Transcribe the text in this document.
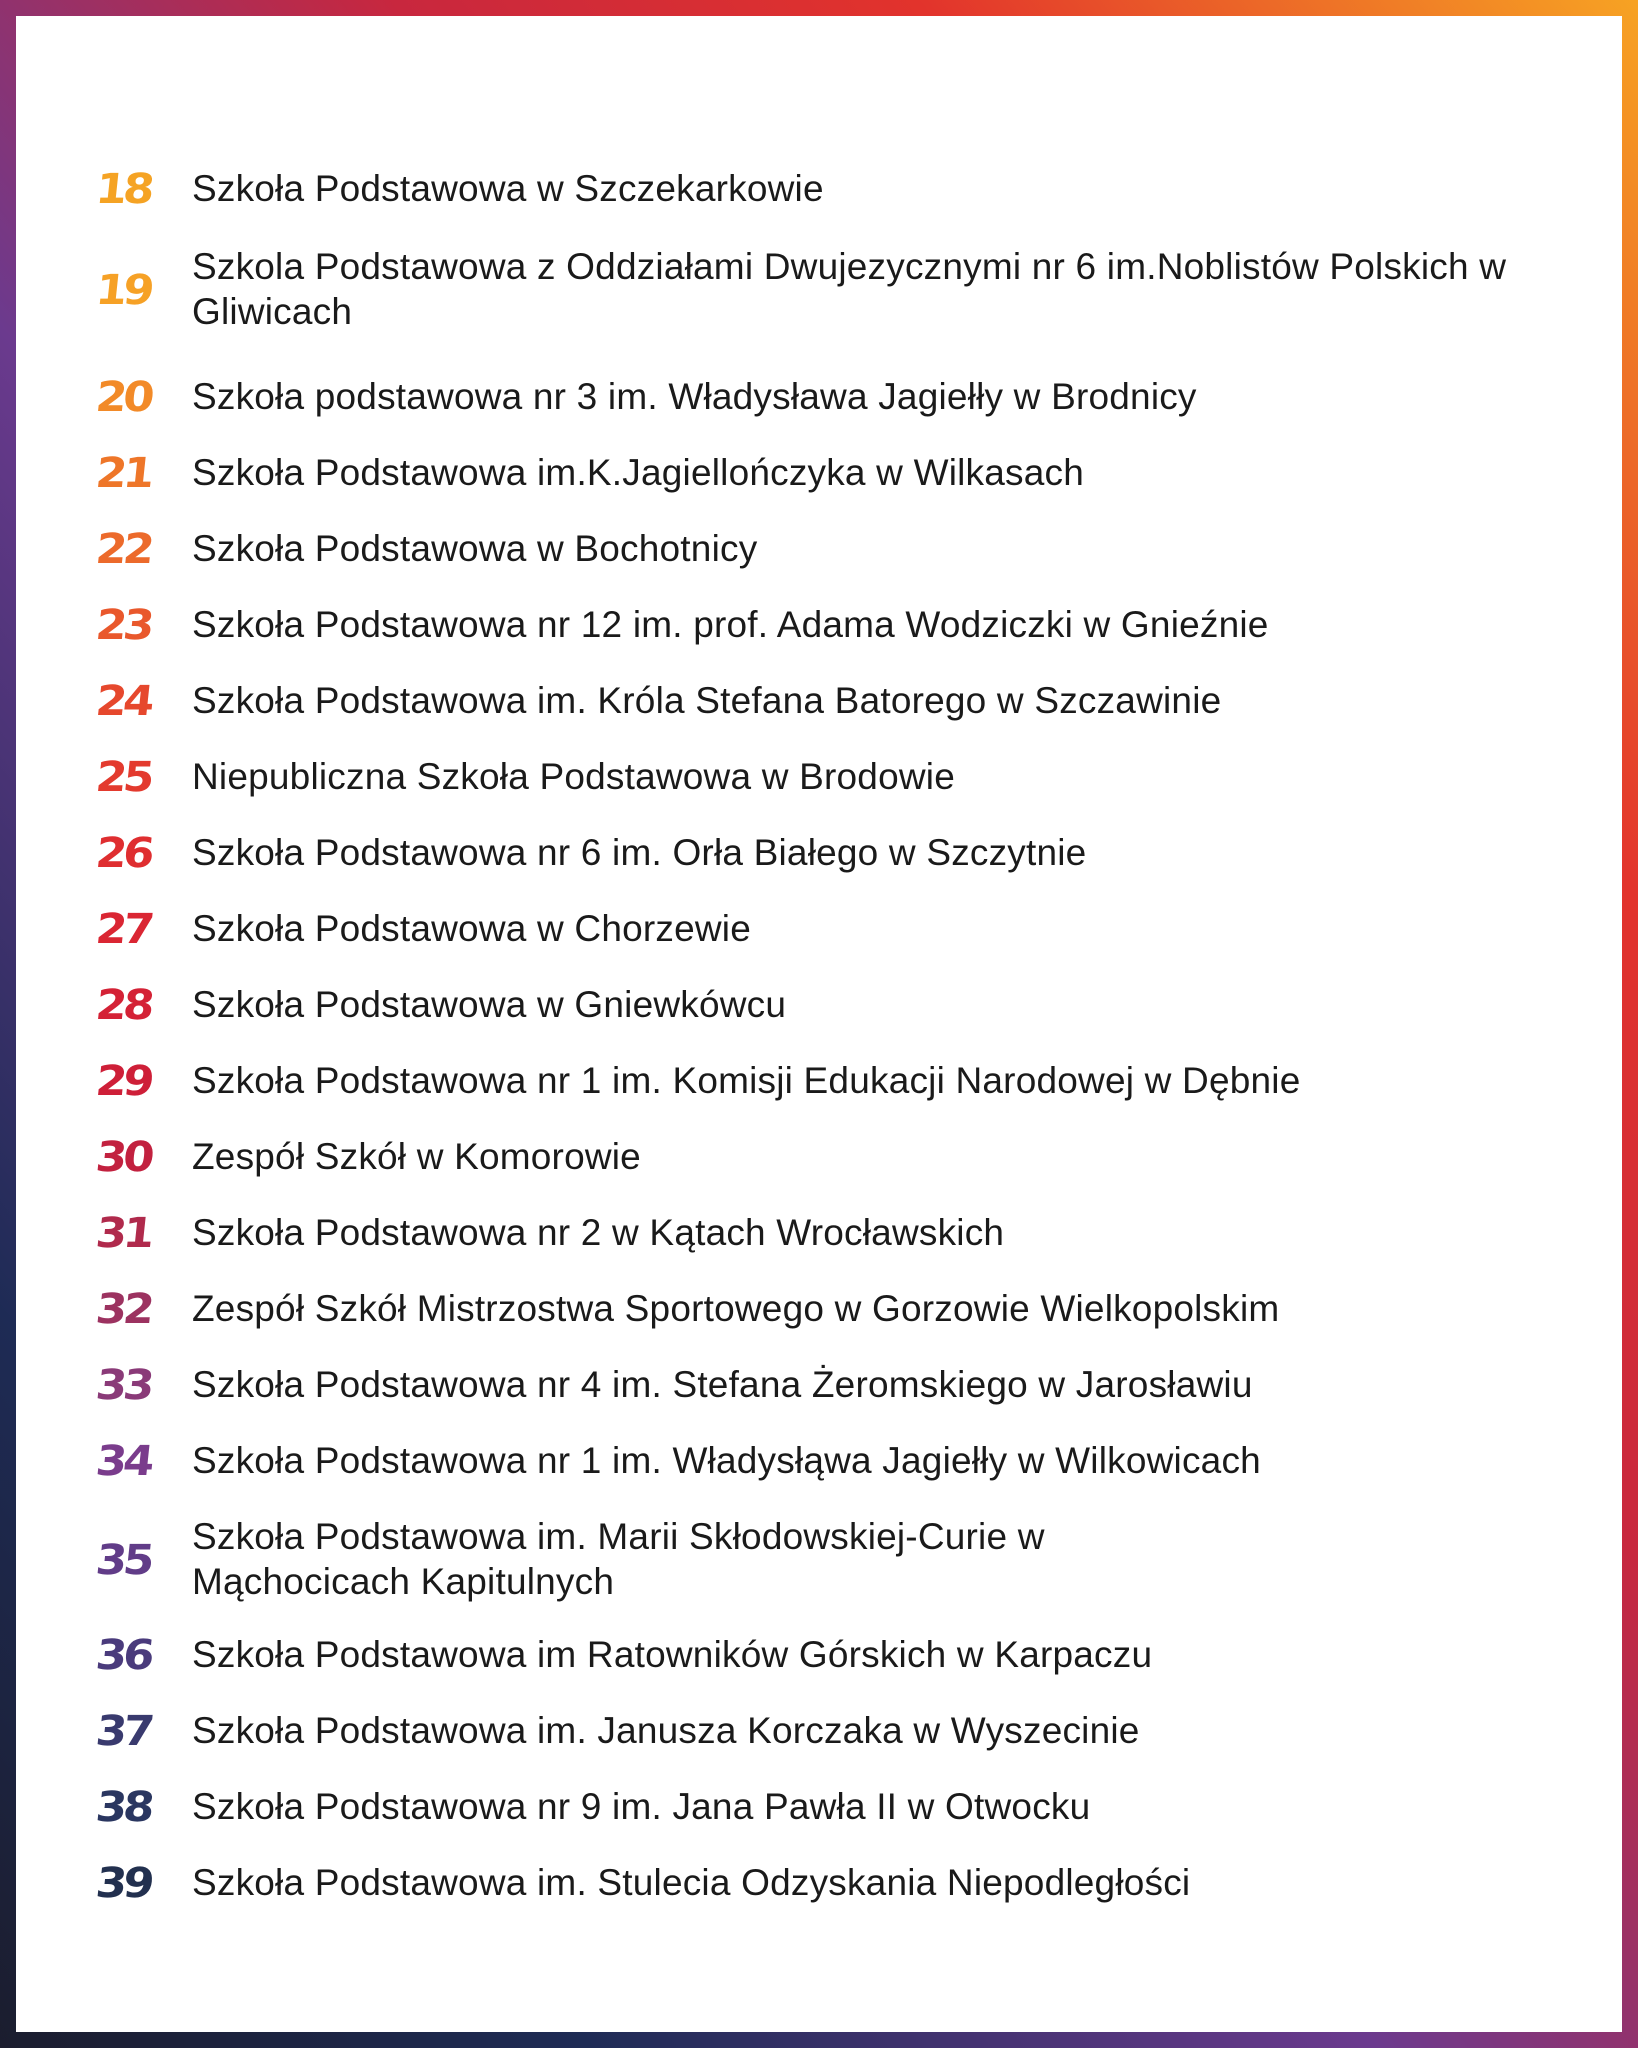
18	Szkoła Podstawowa w Szczekarkowie
19	Szkola Podstawowa z Oddziałami Dwujezycznymi nr 6 im.Noblistów Polskich w Gliwicach
20	Szkoła podstawowa nr 3 im. Władysława Jagiełły w Brodnicy
21	Szkoła Podstawowa im.K.Jagiellończyka w Wilkasach
22	Szkoła Podstawowa w Bochotnicy
23	Szkoła Podstawowa nr 12 im. prof. Adama Wodziczki w Gnieźnie
24	Szkoła Podstawowa im. Króla Stefana Batorego w Szczawinie
25	Niepubliczna Szkoła Podstawowa w Brodowie
26	Szkoła Podstawowa nr 6 im. Orła Białego w Szczytnie
27	Szkoła Podstawowa w Chorzewie
28	Szkoła Podstawowa w Gniewkówcu
29	Szkoła Podstawowa nr 1 im. Komisji Edukacji Narodowej w Dębnie
30	Zespół Szkół w Komorowie
31	Szkoła Podstawowa nr 2 w Kątach Wrocławskich
32	Zespół Szkół Mistrzostwa Sportowego w Gorzowie Wielkopolskim
33	Szkoła Podstawowa nr 4 im. Stefana Żeromskiego w Jarosławiu
34	Szkoła Podstawowa nr 1 im. Władysłąwa Jagiełły w Wilkowicach
35	Szkoła Podstawowa im. Marii Skłodowskiej-Curie w Mąchocicach Kapitulnych
36	Szkoła Podstawowa im Ratowników Górskich w Karpaczu
37	Szkoła Podstawowa im. Janusza Korczaka w Wyszecinie
38	Szkoła Podstawowa nr 9 im. Jana Pawła II w Otwocku
39	Szkoła Podstawowa im. Stulecia Odzyskania Niepodległości
